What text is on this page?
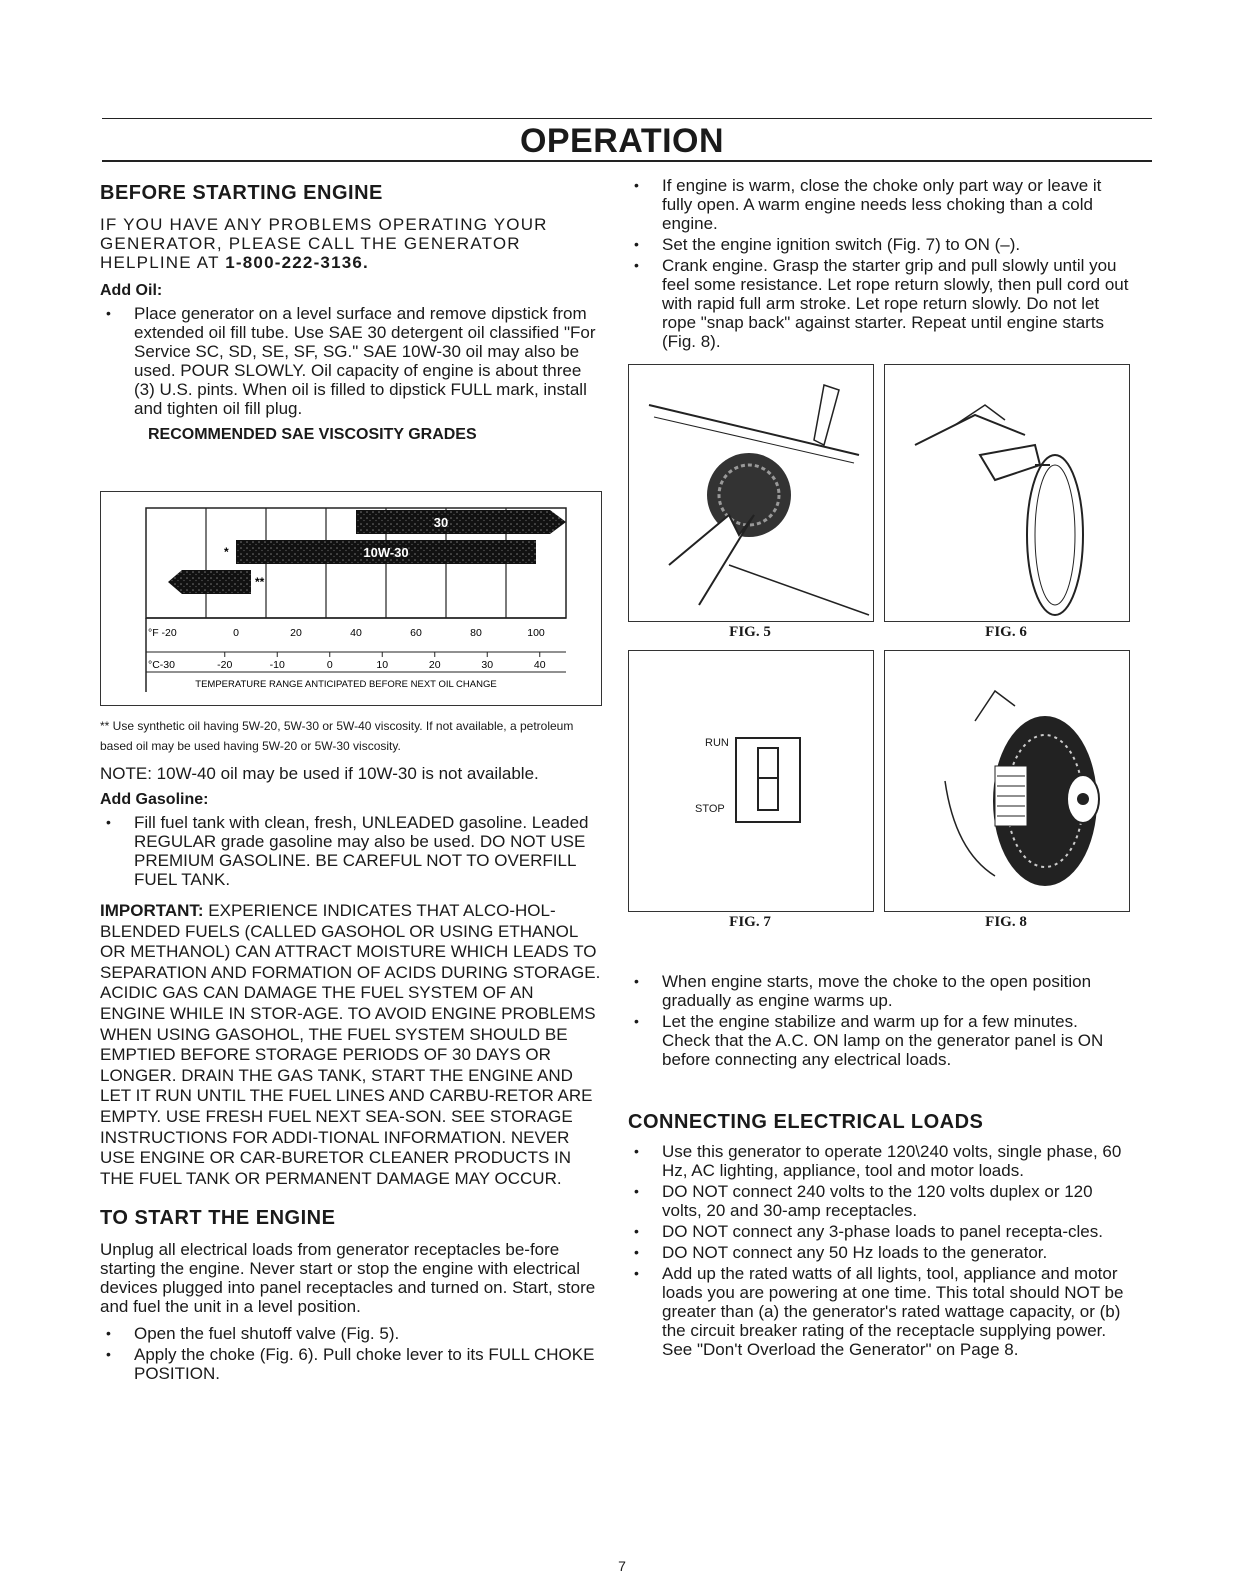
OPERATION
BEFORE STARTING ENGINE

IF YOU HAVE ANY PROBLEMS OPERATING YOUR GENERATOR, PLEASE CALL THE GENERATOR HELPLINE AT 1-800-222-3136.

Add Oil:

• Place generator on a level surface and remove dipstick from extended oil fill tube. Use SAE 30 detergent oil classified "For Service SC, SD, SE, SF, SG." SAE 10W-30 oil may also be used. POUR SLOWLY. Oil capacity of engine is about three (3) U.S. pints. When oil is filled to dipstick FULL mark, install and tighten oil fill plug.

RECOMMENDED SAE VISCOSITY GRADES

30
10W-30
*
**
°F -20	0	20	40	60	80	100
°C-30	-20	-10	0	10	20	30	40
TEMPERATURE RANGE ANTICIPATED BEFORE NEXT OIL CHANGE

** Use synthetic oil having 5W-20, 5W-30 or 5W-40 viscosity. If not available, a petroleum based oil may be used having 5W-20 or 5W-30 viscosity.

NOTE: 10W-40 oil may be used if 10W-30 is not available.

Add Gasoline:

• Fill fuel tank with clean, fresh, UNLEADED gasoline. Leaded REGULAR grade gasoline may also be used. DO NOT USE PREMIUM GASOLINE. BE CAREFUL NOT TO OVERFILL FUEL TANK.

IMPORTANT: EXPERIENCE INDICATES THAT ALCO-HOL-BLENDED FUELS (CALLED GASOHOL OR USING ETHANOL OR METHANOL) CAN ATTRACT MOISTURE WHICH LEADS TO SEPARATION AND FORMATION OF ACIDS DURING STORAGE. ACIDIC GAS CAN DAMAGE THE FUEL SYSTEM OF AN ENGINE WHILE IN STOR-AGE. TO AVOID ENGINE PROBLEMS WHEN USING GASOHOL, THE FUEL SYSTEM SHOULD BE EMPTIED BEFORE STORAGE PERIODS OF 30 DAYS OR LONGER. DRAIN THE GAS TANK, START THE ENGINE AND LET IT RUN UNTIL THE FUEL LINES AND CARBU-RETOR ARE EMPTY. USE FRESH FUEL NEXT SEA-SON. SEE STORAGE INSTRUCTIONS FOR ADDI-TIONAL INFORMATION. NEVER USE ENGINE OR CAR-BURETOR CLEANER PRODUCTS IN THE FUEL TANK OR PERMANENT DAMAGE MAY OCCUR.

TO START THE ENGINE

Unplug all electrical loads from generator receptacles be-fore starting the engine. Never start or stop the engine with electrical devices plugged into panel receptacles and turned on. Start, store and fuel the unit in a level position.

• Open the fuel shutoff valve (Fig. 5).
• Apply the choke (Fig. 6). Pull choke lever to its FULL CHOKE POSITION.
• If engine is warm, close the choke only part way or leave it fully open. A warm engine needs less choking than a cold engine.
• Set the engine ignition switch (Fig. 7) to ON (–).
• Crank engine. Grasp the starter grip and pull slowly until you feel some resistance. Let rope return slowly, then pull cord out with rapid full arm stroke. Let rope return slowly. Do not let rope "snap back" against starter. Repeat until engine starts (Fig. 8).
FIG. 5	FIG. 6
RUN
STOP
FIG. 7	FIG. 8
• When engine starts, move the choke to the open position gradually as engine warms up.
• Let the engine stabilize and warm up for a few minutes. Check that the A.C. ON lamp on the generator panel is ON before connecting any electrical loads.
CONNECTING ELECTRICAL LOADS
• Use this generator to operate 120\240 volts, single phase, 60 Hz, AC lighting, appliance, tool and motor loads.
• DO NOT connect 240 volts to the 120 volts duplex or 120 volts, 20 and 30-amp receptacles.
• DO NOT connect any 3-phase loads to panel recepta-cles.
• DO NOT connect any 50 Hz loads to the generator.
• Add up the rated watts of all lights, tool, appliance and motor loads you are powering at one time. This total should NOT be greater than (a) the generator's rated wattage capacity, or (b) the circuit breaker rating of the receptacle supplying power. See "Don't Overload the Generator" on Page 8.
7
